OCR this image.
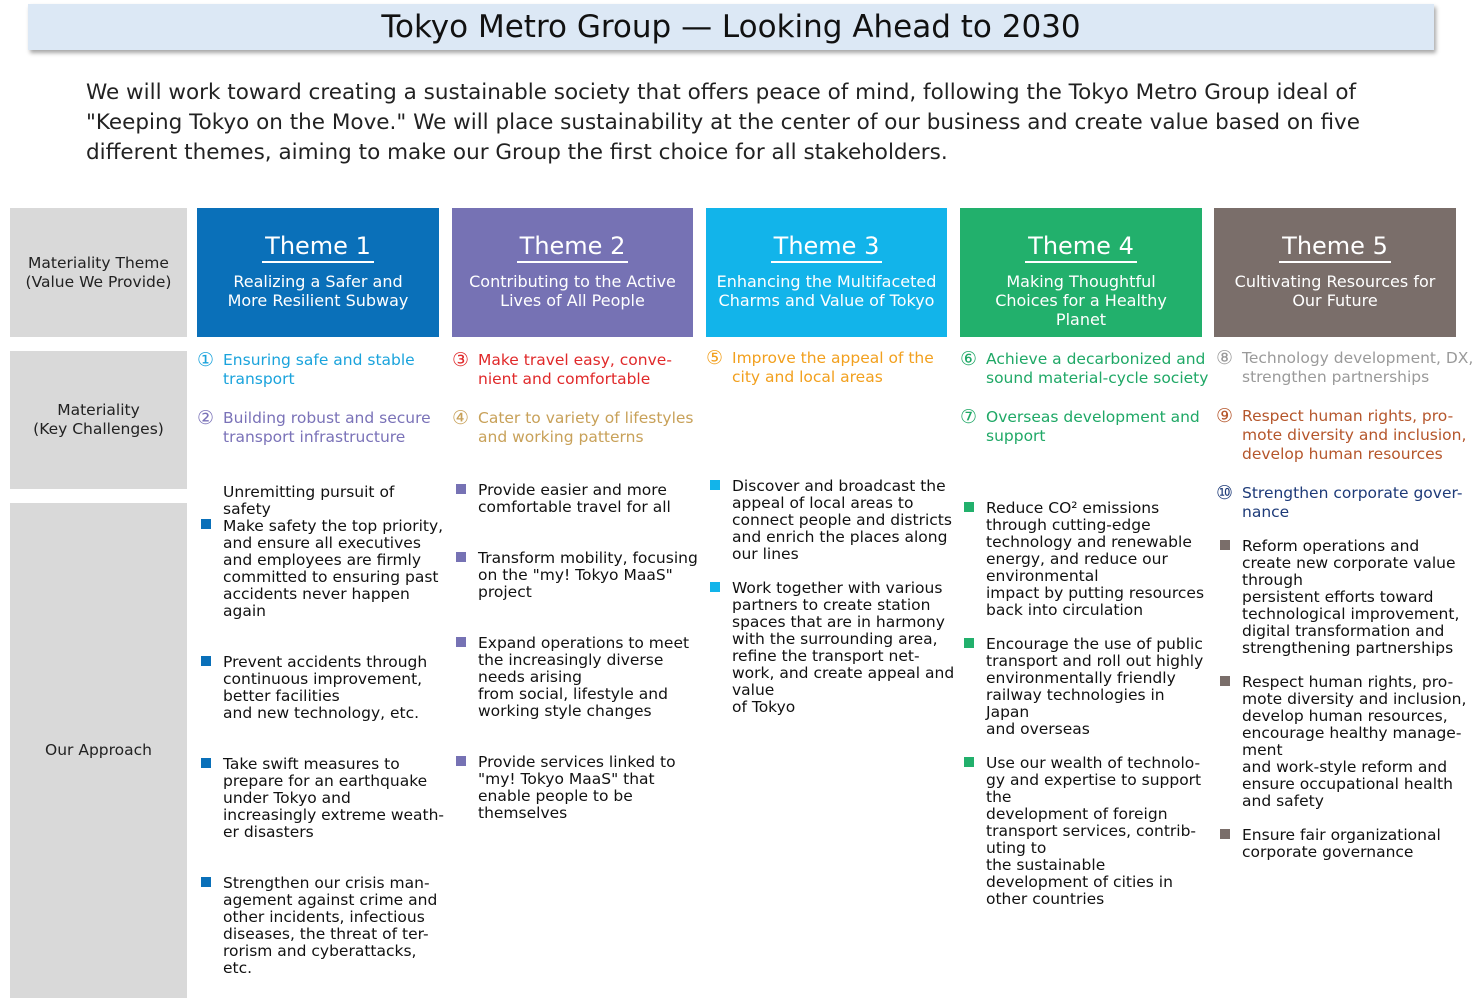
Tokyo Metro Group — Looking Ahead to 2030
We will work toward creating a sustainable society that offers peace of mind, following the Tokyo Metro Group ideal of "Keeping Tokyo on the Move." We will place sustainability at the center of our business and create value based on five different themes, aiming to make our Group the first choice for all stakeholders.
Materiality Theme
(Value We Provide)
Materiality
(Key Challenges)
Our Approach
Theme 1
Realizing a Safer and More Resilient Subway
① Ensuring safe and stable transport
② Building robust and secure transport infrastructure
Unremitting pursuit of safety
Make safety the top priority, and ensure all executives and employees are firmly committed to ensuring past accidents never happen again
Prevent accidents through continuous improvement, better facilities
and new technology, etc.
Take swift measures to prepare for an earthquake under Tokyo and increasingly extreme weath-er disasters
Strengthen our crisis man-agement against crime and other incidents, infectious diseases, the threat of ter-rorism and cyberattacks, etc.
Theme 2
Contributing to the Active Lives of All People
③ Make travel easy, conve-nient and comfortable
④ Cater to variety of lifestyles and working patterns
Provide easier and more comfortable travel for all
Transform mobility, focusing on the "my! Tokyo MaaS" project
Expand operations to meet the increasingly diverse needs arising
from social, lifestyle and working style changes
Provide services linked to "my! Tokyo MaaS" that enable people to be themselves
Theme 3
Enhancing the Multifaceted Charms and Value of Tokyo
⑤ Improve the appeal of the city and local areas
Discover and broadcast the appeal of local areas to connect people and districts and enrich the places along our lines
Work together with various partners to create station spaces that are in harmony with the surrounding area, refine the transport net-work, and create appeal and value
of Tokyo
Theme 4
Making Thoughtful Choices for a Healthy Planet
⑥ Achieve a decarbonized and sound material-cycle society
⑦ Overseas development and support
Reduce CO² emissions through cutting-edge technology and renewable energy, and reduce our environmental
impact by putting resources back into circulation
Encourage the use of public transport and roll out highly environmentally friendly railway technologies in Japan
and overseas
Use our wealth of technolo-gy and expertise to support the
development of foreign transport services, contrib-uting to
the sustainable development of cities in other countries
Theme 5
Cultivating Resources for Our Future
⑧ Technology development, DX, strengthen partnerships
⑨ Respect human rights, pro-mote diversity and inclusion, develop human resources
⑩ Strengthen corporate gover-nance
Reform operations and create new corporate value through
persistent efforts toward technological improvement, digital transformation and strengthening partnerships
Respect human rights, pro-mote diversity and inclusion, develop human resources, encourage healthy manage-ment
and work-style reform and ensure occupational health and safety
Ensure fair organizational corporate governance
